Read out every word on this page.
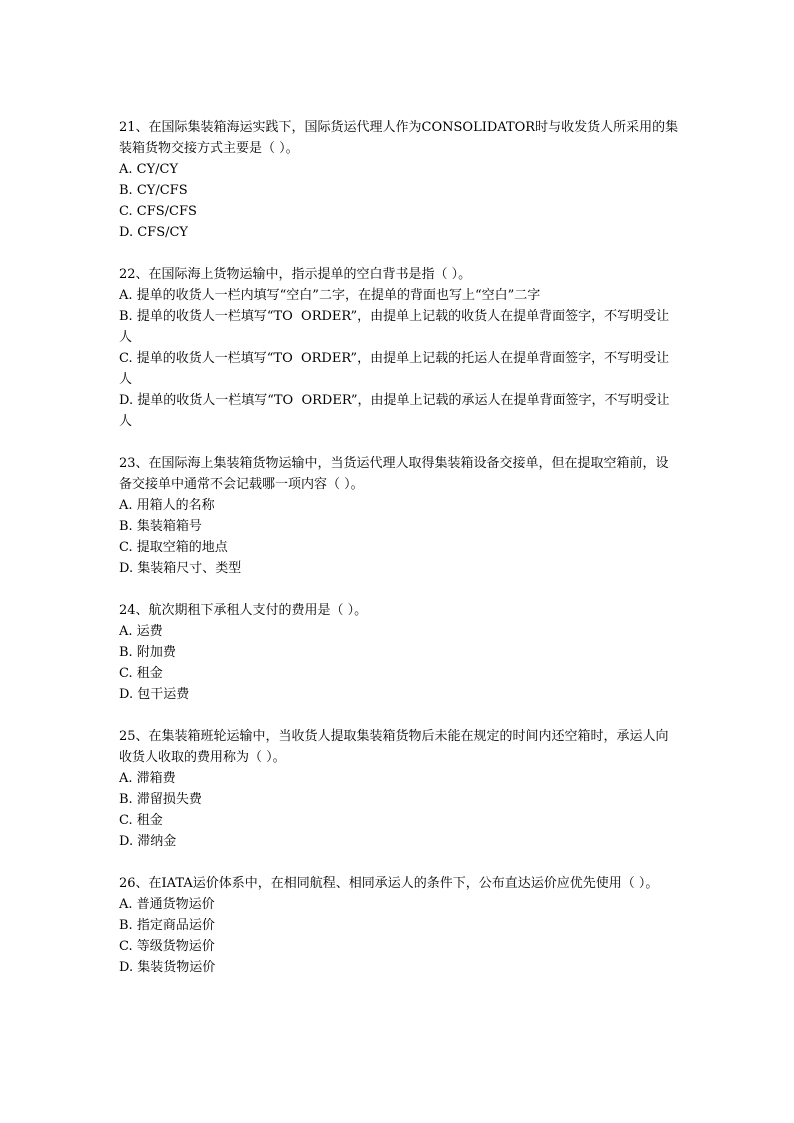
21、在国际集装箱海运实践下，国际货运代理人作为CONSOLIDATOR时与收发货人所采用的集装箱货物交接方式主要是（ ）。

A. CY/CY

B. CY/CFS

C. CFS/CFS

D. CFS/CY

22、在国际海上货物运输中，指示提单的空白背书是指（ ）。

A. 提单的收货人一栏内填写“空白”二字，在提单的背面也写上“空白”二字

B. 提单的收货人一栏填写“TO  ORDER”，由提单上记载的收货人在提单背面签字，不写明受让人

C. 提单的收货人一栏填写“TO  ORDER”，由提单上记载的托运人在提单背面签字，不写明受让人

D. 提单的收货人一栏填写“TO  ORDER”，由提单上记载的承运人在提单背面签字，不写明受让人

23、在国际海上集装箱货物运输中，当货运代理人取得集装箱设备交接单，但在提取空箱前，设备交接单中通常不会记载哪一项内容（ ）。

A. 用箱人的名称

B. 集装箱箱号

C. 提取空箱的地点

D. 集装箱尺寸、类型

24、航次期租下承租人支付的费用是（ ）。

A. 运费

B. 附加费

C. 租金

D. 包干运费

25、在集装箱班轮运输中，当收货人提取集装箱货物后未能在规定的时间内还空箱时，承运人向收货人收取的费用称为（ ）。

A. 滞箱费

B. 滞留损失费

C. 租金

D. 滞纳金

26、在IATA运价体系中，在相同航程、相同承运人的条件下，公布直达运价应优先使用（ ）。

A. 普通货物运价

B. 指定商品运价

C. 等级货物运价

D. 集装货物运价
